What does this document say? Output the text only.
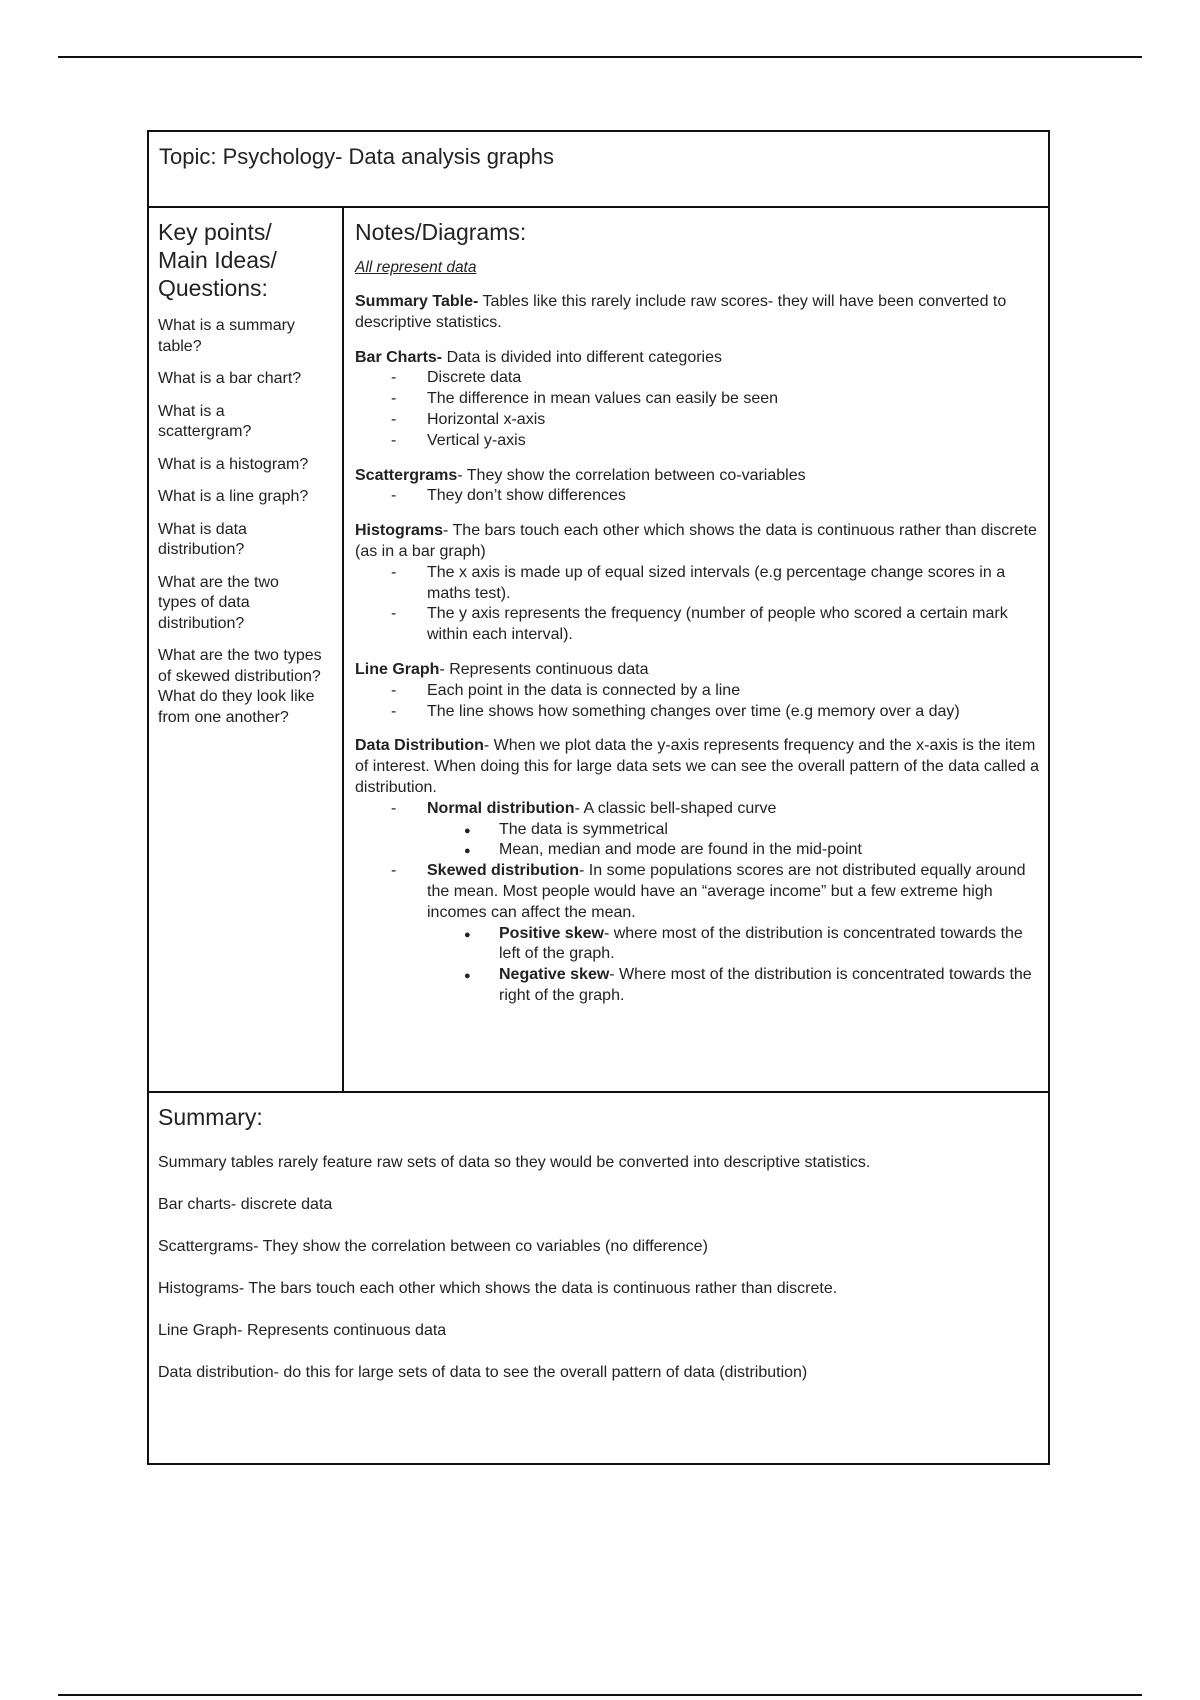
Topic: Psychology- Data analysis graphs
Key points/
Main Ideas/
Questions:

What is a summary table?

What is a bar chart?

What is a scattergram?

What is a histogram?

What is a line graph?

What is data distribution?

What are the two types of data distribution?

What are the two types of skewed distribution? What do they look like from one another?

Notes/Diagrams:
All represent data

Summary Table- Tables like this rarely include raw scores- they will have been converted to descriptive statistics.

Bar Charts- Data is divided into different categories

- Discrete data
- The difference in mean values can easily be seen
- Horizontal x-axis
- Vertical y-axis

Scattergrams- They show the correlation between co-variables

- They don’t show differences

Histograms- The bars touch each other which shows the data is continuous rather than discrete (as in a bar graph)

- The x axis is made up of equal sized intervals (e.g percentage change scores in a maths test).
- The y axis represents the frequency (number of people who scored a certain mark within each interval).

Line Graph- Represents continuous data

- Each point in the data is connected by a line
- The line shows how something changes over time (e.g memory over a day)

Data Distribution- When we plot data the y-axis represents frequency and the x-axis is the item of interest. When doing this for large data sets we can see the overall pattern of the data called a distribution.

- Normal distribution- A classic bell-shaped curve
● The data is symmetrical
● Mean, median and mode are found in the mid-point
- Skewed distribution- In some populations scores are not distributed equally around the mean. Most people would have an “average income” but a few extreme high incomes can affect the mean.
● Positive skew- where most of the distribution is concentrated towards the left of the graph.
● Negative skew- Where most of the distribution is concentrated towards the right of the graph.
Summary:

Summary tables rarely feature raw sets of data so they would be converted into descriptive statistics.

Bar charts- discrete data

Scattergrams- They show the correlation between co variables (no difference)

Histograms- The bars touch each other which shows the data is continuous rather than discrete.

Line Graph- Represents continuous data

Data distribution- do this for large sets of data to see the overall pattern of data (distribution)
